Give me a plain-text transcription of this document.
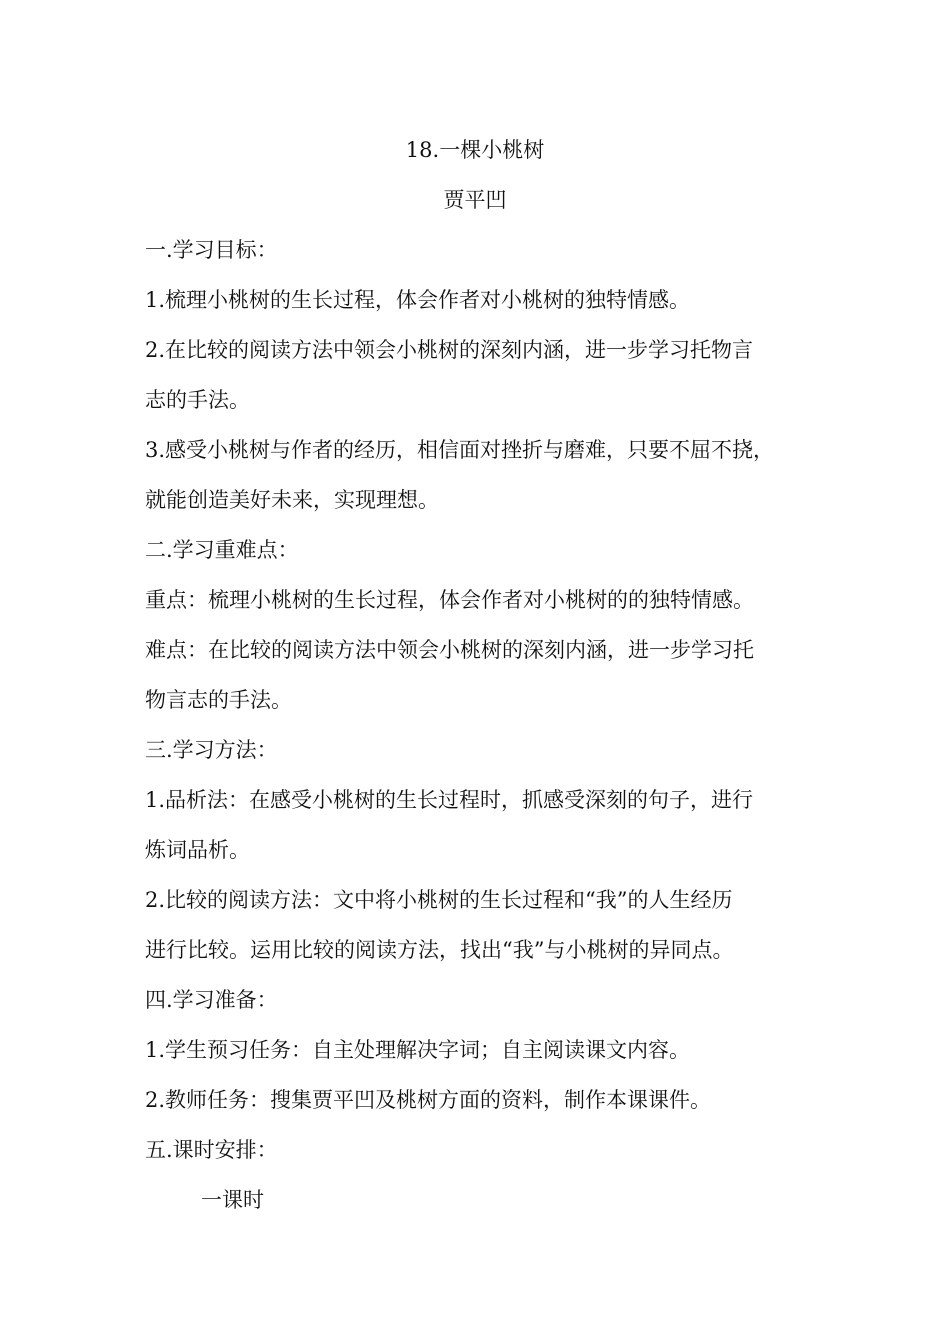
18.一棵小桃树
贾平凹
一.学习目标：
1.梳理小桃树的生长过程，体会作者对小桃树的独特情感。
2.在比较的阅读方法中领会小桃树的深刻内涵，进一步学习托物言
志的手法。
3.感受小桃树与作者的经历，相信面对挫折与磨难，只要不屈不挠，
就能创造美好未来，实现理想。
二.学习重难点：
重点：梳理小桃树的生长过程，体会作者对小桃树的的独特情感。
难点：在比较的阅读方法中领会小桃树的深刻内涵，进一步学习托
物言志的手法。
三.学习方法：
1.品析法：在感受小桃树的生长过程时，抓感受深刻的句子，进行
炼词品析。
2.比较的阅读方法：文中将小桃树的生长过程和“我”的人生经历
进行比较。运用比较的阅读方法，找出“我”与小桃树的异同点。
四.学习准备：
1.学生预习任务：自主处理解决字词；自主阅读课文内容。
2.教师任务：搜集贾平凹及桃树方面的资料，制作本课课件。
五.课时安排：
一课时
